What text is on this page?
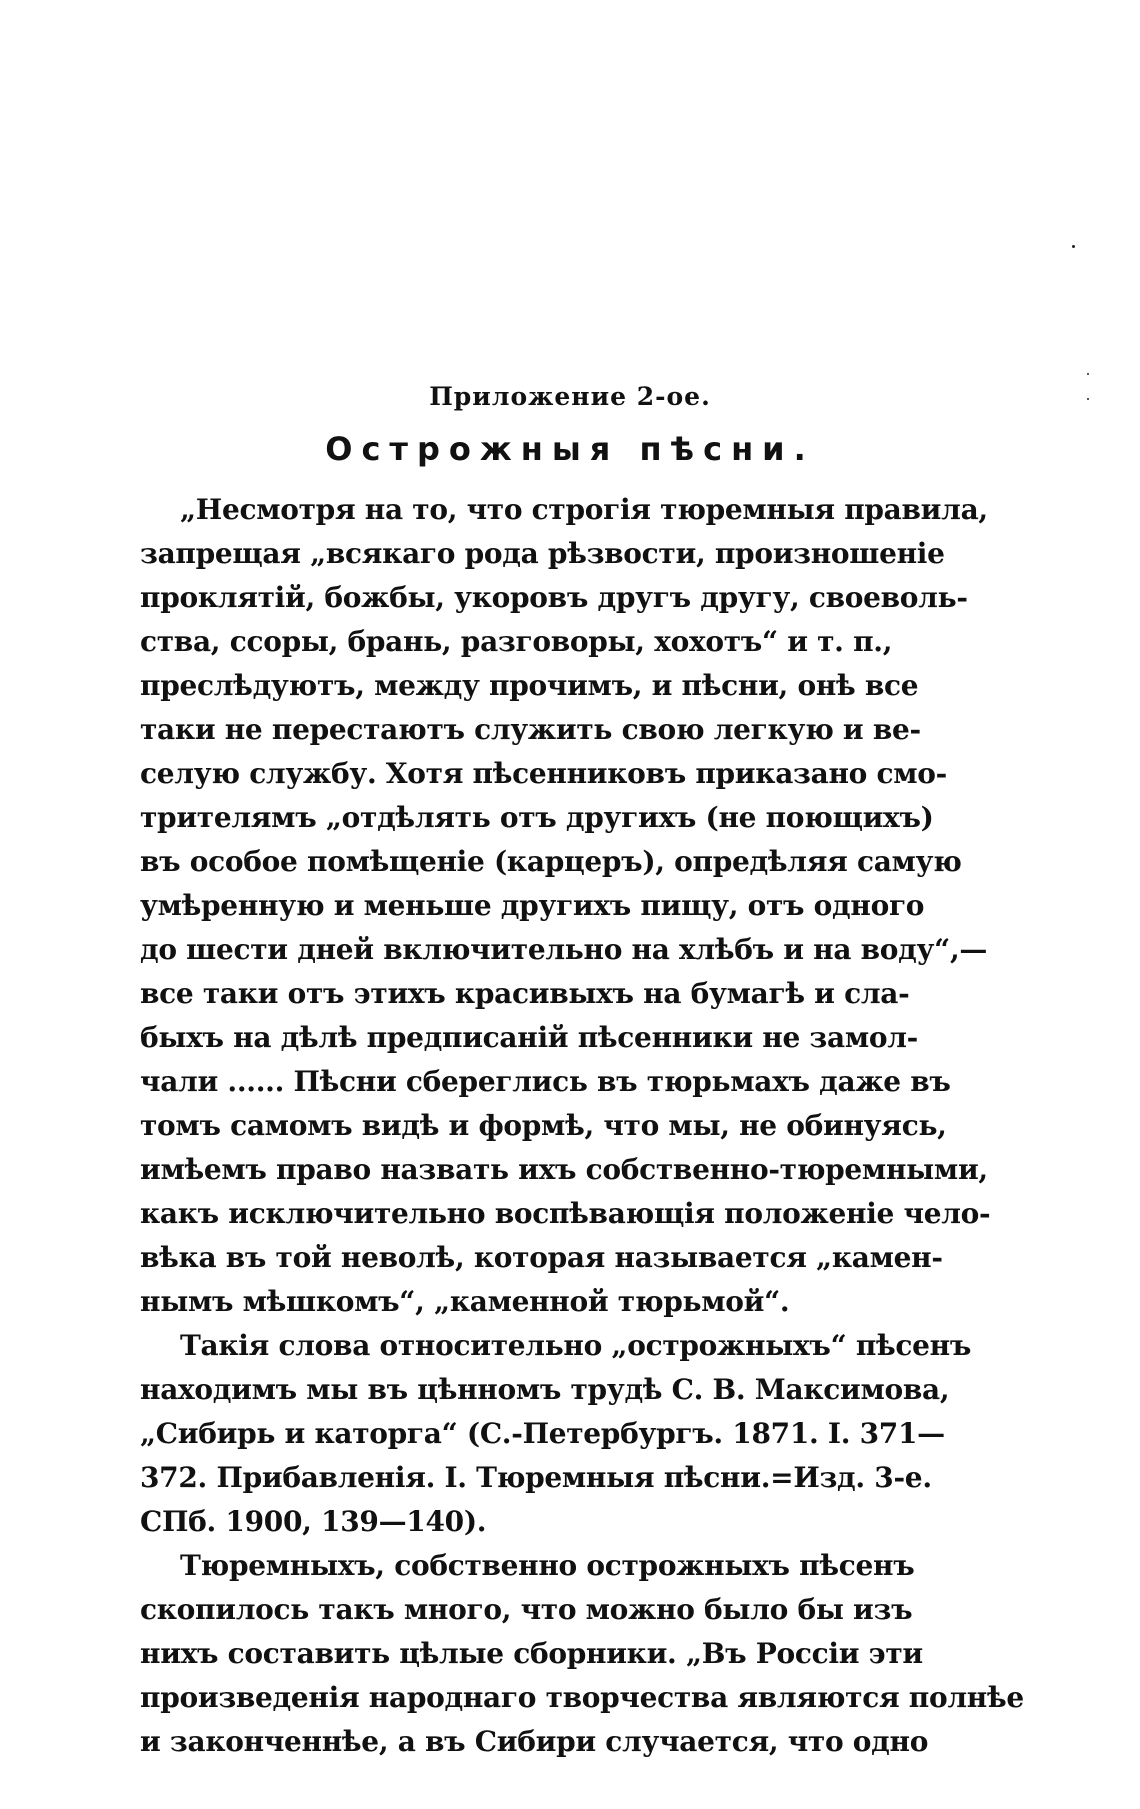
Приложение 2-ое.
Острожныя пѣсни.
„Несмотря на то, что строгія тюремныя правила,
запрещая „всякаго рода рѣзвости, произношеніе
проклятій, божбы, укоровъ другъ другу, своеволь-
ства, ссоры, брань, разговоры, хохотъ“ и т. п.,
преслѣдуютъ, между прочимъ, и пѣсни, онѣ все
таки не перестаютъ служить свою легкую и ве-
селую службу. Хотя пѣсенниковъ приказано смо-
трителямъ „отдѣлять отъ другихъ (не поющихъ)
въ особое помѣщеніе (карцеръ), опредѣляя самую
умѣренную и меньше другихъ пищу, отъ одного
до шести дней включительно на хлѣбъ и на воду“,—
все таки отъ этихъ красивыхъ на бумагѣ и сла-
быхъ на дѣлѣ предписаній пѣсенники не замол-
чали ...... Пѣсни сберeглись въ тюрьмахъ даже въ
томъ самомъ видѣ и формѣ, что мы, не обинуясь,
имѣемъ право назвать ихъ собственно-тюремными,
какъ исключительно воспѣвающія положеніе чело-
вѣка въ той неволѣ, которая называется „камен-
нымъ мѣшкомъ“, „каменной тюрьмой“.
Такія слова относительно „острожныхъ“ пѣсенъ
находимъ мы въ цѣнномъ трудѣ С. В. Максимова,
„Сибирь и каторга“ (С.-Петербургъ. 1871. I. 371—
372. Прибавленія. I. Тюремныя пѣсни.=Изд. 3-е.
СПб. 1900, 139—140).
Тюремныхъ, собственно острожныхъ пѣсенъ
скопилось такъ много, что можно было бы изъ
нихъ составить цѣлые сборники. „Въ Россіи эти
произведенія народнаго творчества являются полнѣе
и законченнѣе, а въ Сибири случается, что одно
